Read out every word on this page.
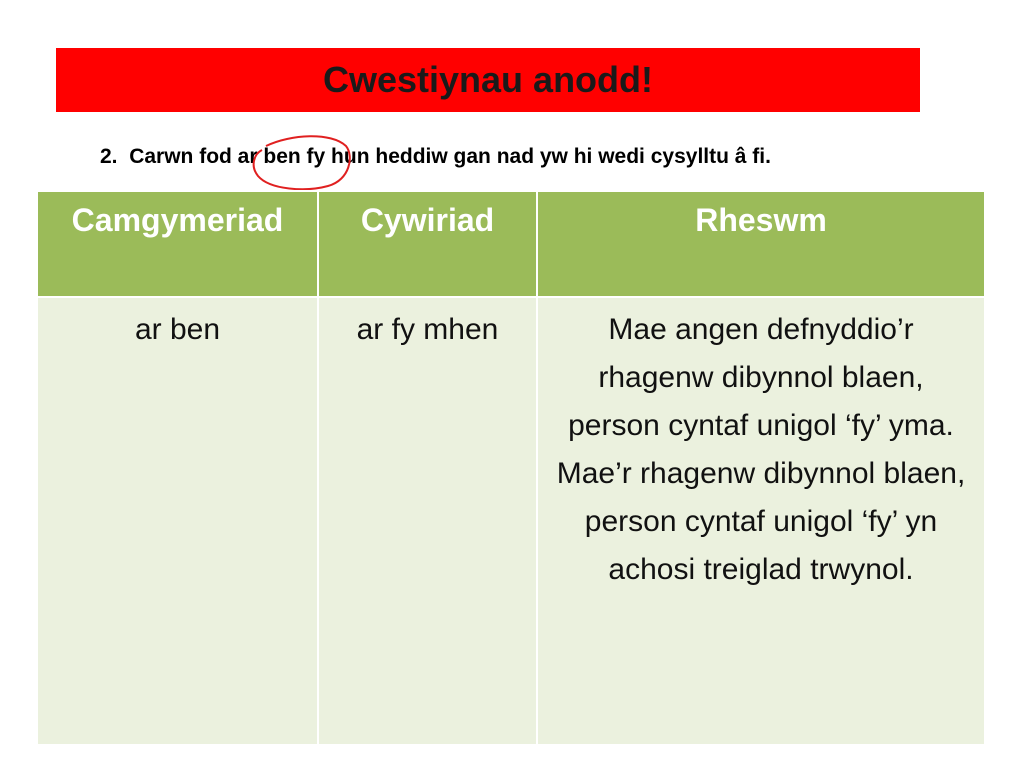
Cwestiynau anodd!
2. Carwn fod ar ben fy hun heddiw gan nad yw hi wedi cysylltu â fi.
Camgymeriad	Cywiriad	Rheswm
ar ben	ar fy mhen	Mae angen defnyddio’r rhagenw dibynnol blaen, person cyntaf unigol ‘fy’ yma. Mae’r rhagenw dibynnol blaen, person cyntaf unigol ‘fy’ yn achosi treiglad trwynol.
